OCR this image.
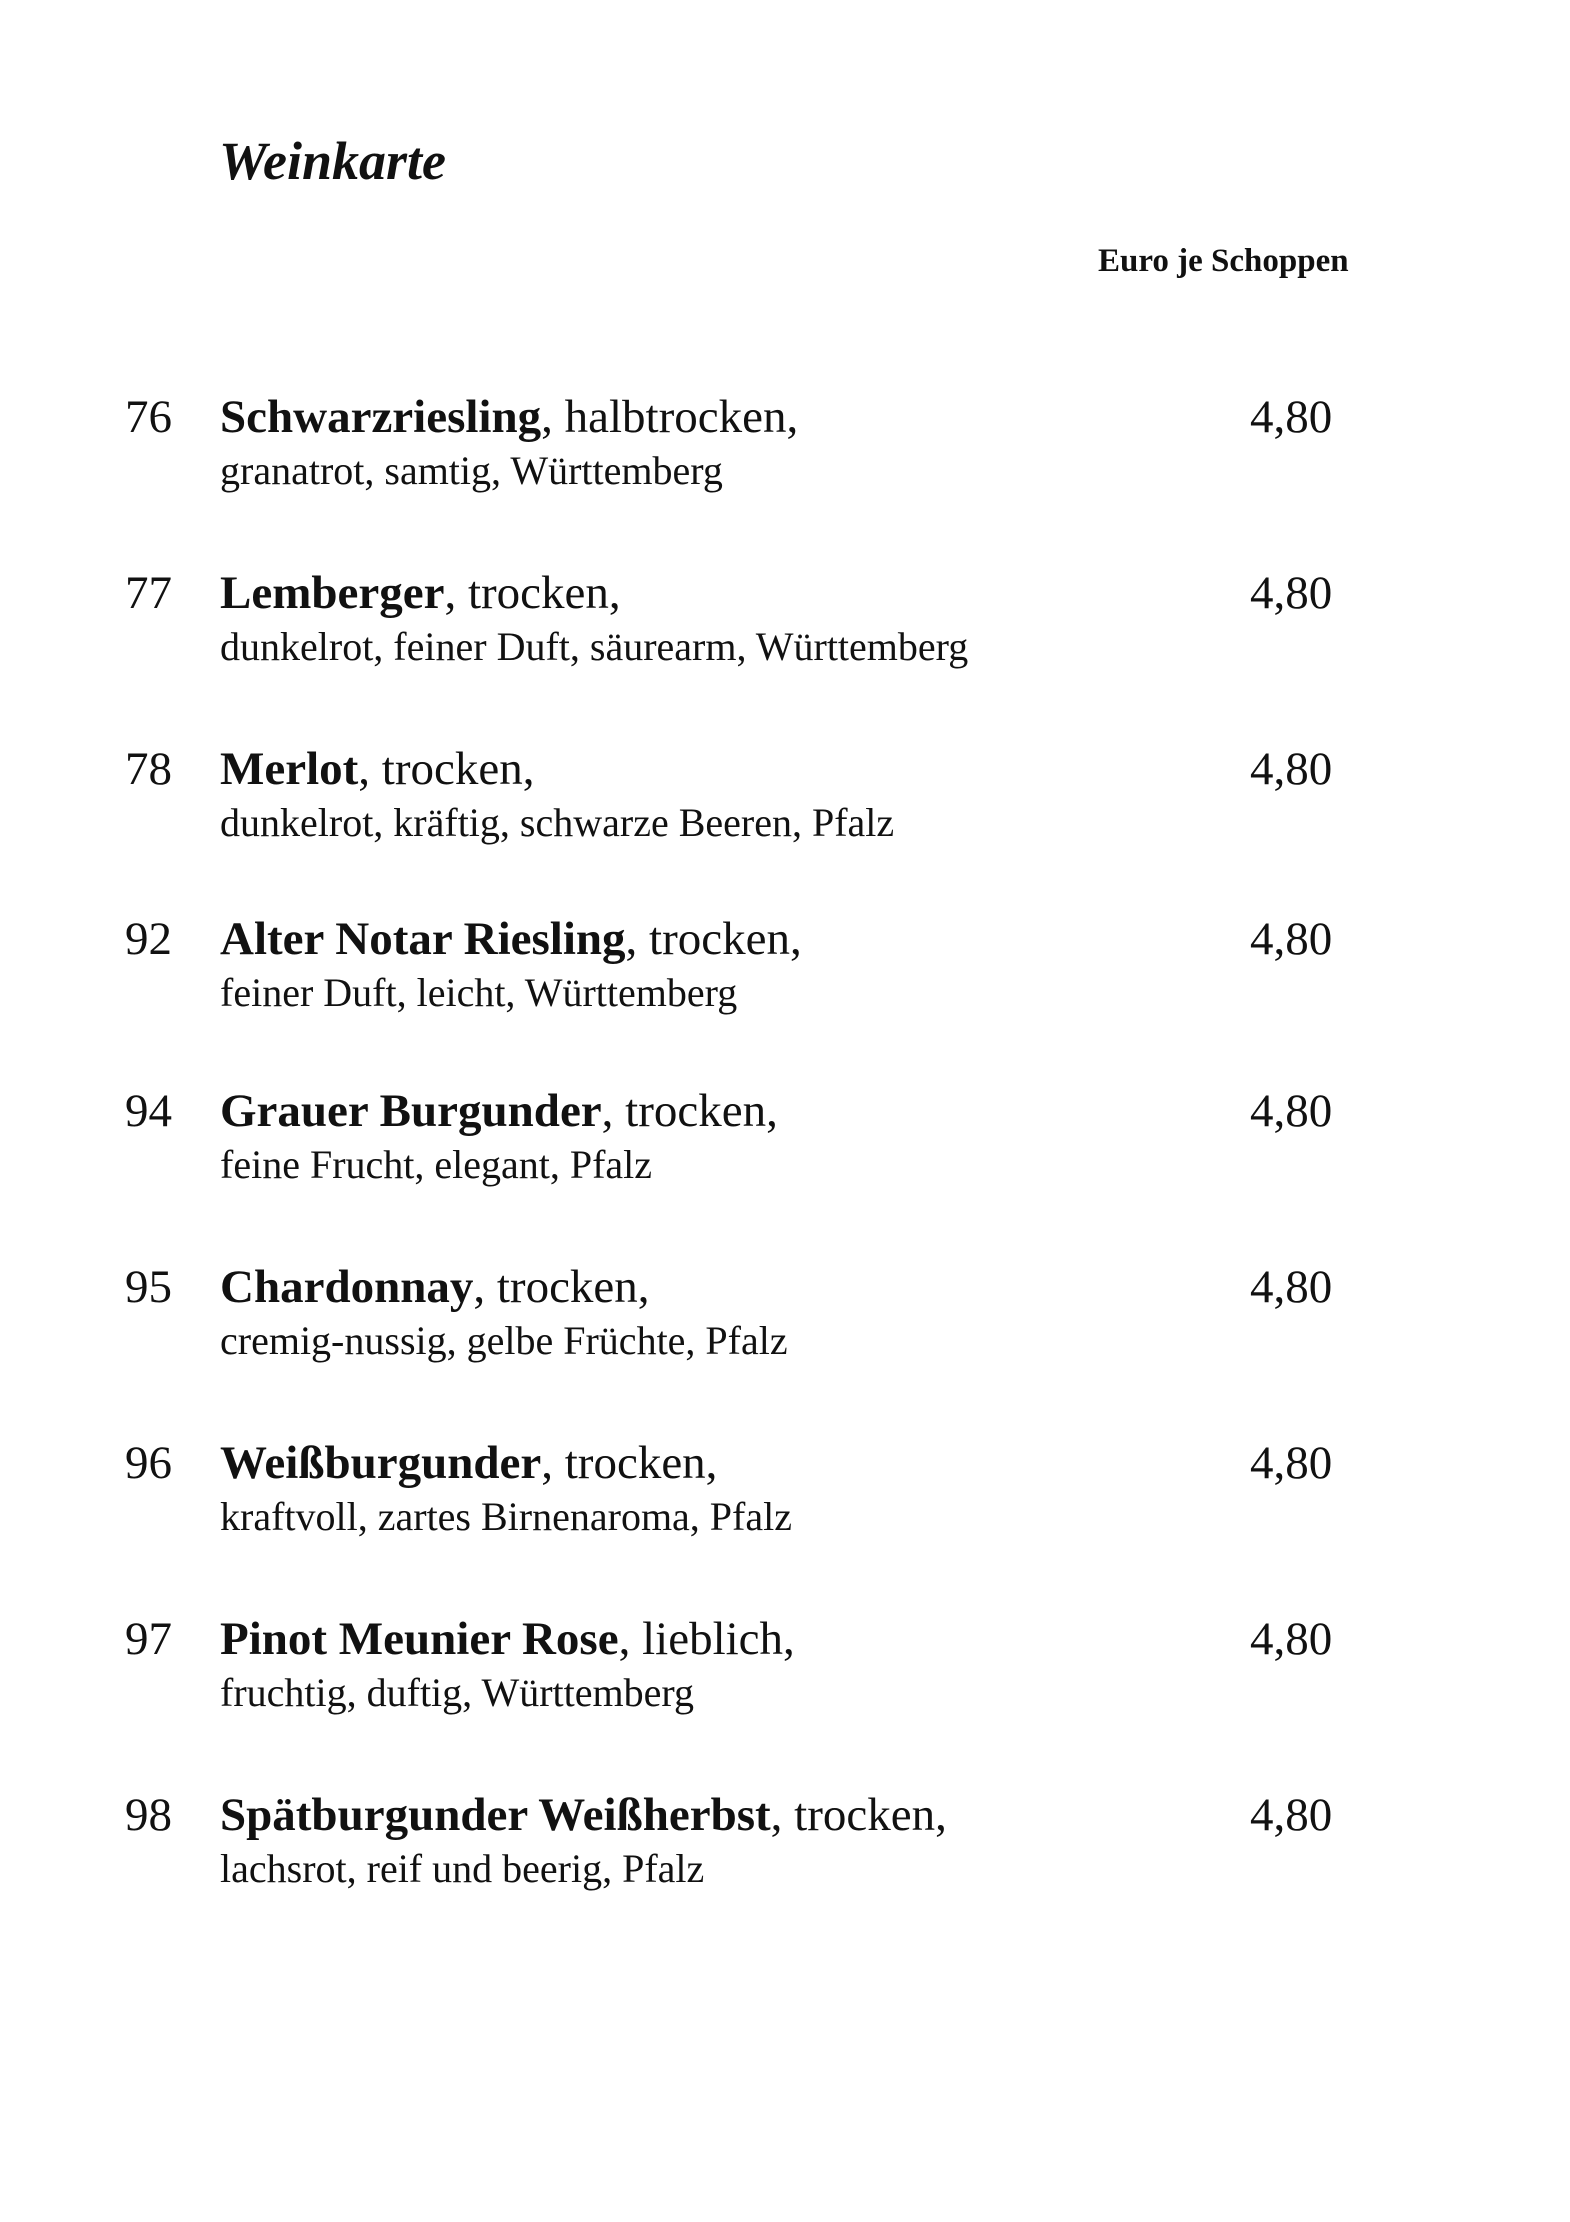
Weinkarte
Euro je Schoppen
76 Schwarzriesling, halbtrocken,
granatrot, samtig, Württemberg
4,80
77 Lemberger, trocken,
dunkelrot, feiner Duft, säurearm, Württemberg
4,80
78 Merlot, trocken,
dunkelrot, kräftig, schwarze Beeren, Pfalz
4,80
92 Alter Notar Riesling, trocken,
feiner Duft, leicht, Württemberg
4,80
94 Grauer Burgunder, trocken,
feine Frucht, elegant, Pfalz
4,80
95 Chardonnay, trocken,
cremig-nussig, gelbe Früchte, Pfalz
4,80
96 Weißburgunder, trocken,
kraftvoll, zartes Birnenaroma, Pfalz
4,80
97 Pinot Meunier Rose, lieblich,
fruchtig, duftig, Württemberg
4,80
98 Spätburgunder Weißherbst, trocken,
lachsrot, reif und beerig, Pfalz
4,80
